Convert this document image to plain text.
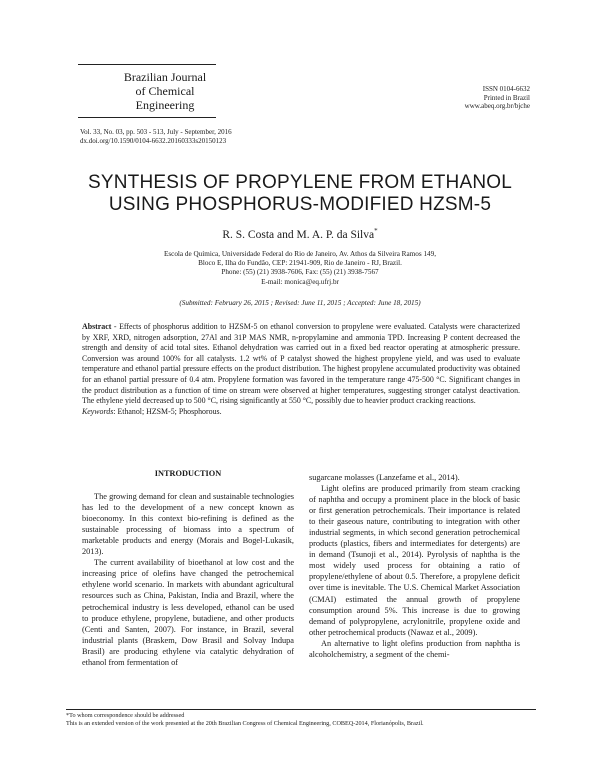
Brazilian Journal
of Chemical
Engineering
ISSN 0104-6632
Printed in Brazil
www.abeq.org.br/bjche
Vol. 33, No. 03, pp. 503 - 513, July - September, 2016
dx.doi.org/10.1590/0104-6632.20160333s20150123
SYNTHESIS OF PROPYLENE FROM ETHANOL
USING PHOSPHORUS-MODIFIED HZSM-5
R. S. Costa and M. A. P. da Silva*
Escola de Química, Universidade Federal do Rio de Janeiro, Av. Athos da Silveira Ramos 149,
Bloco E, Ilha do Fundão, CEP: 21941-909, Rio de Janeiro - RJ, Brazil.
Phone: (55) (21) 3938-7606, Fax: (55) (21) 3938-7567
E-mail: monica@eq.ufrj.br
(Submitted: February 26, 2015 ; Revised: June 11, 2015 ; Accepted: June 18, 2015)
Abstract - Effects of phosphorus addition to HZSM-5 on ethanol conversion to propylene were evaluated. Catalysts were characterized by XRF, XRD, nitrogen adsorption, 27Al and 31P MAS NMR, n-propylamine and ammonia TPD. Increasing P content decreased the strength and density of acid total sites. Ethanol dehydration was carried out in a fixed bed reactor operating at atmospheric pressure. Conversion was around 100% for all catalysts. 1.2 wt% of P catalyst showed the highest propylene yield, and was used to evaluate temperature and ethanol partial pressure effects on the product distribution. The highest propylene accumulated productivity was obtained for an ethanol partial pressure of 0.4 atm. Propylene formation was favored in the temperature range 475-500 °C. Significant changes in the product distribution as a function of time on stream were observed at higher temperatures, suggesting stronger catalyst deactivation. The ethylene yield decreased up to 500 °C, rising significantly at 550 °C, possibly due to heavier product cracking reactions.
Keywords: Ethanol; HZSM-5; Phosphorous.
INTRODUCTION

The growing demand for clean and sustainable technologies has led to the development of a new concept known as bioeconomy. In this context bio-refining is defined as the sustainable processing of biomass into a spectrum of marketable products and energy (Morais and Bogel-Lukasik, 2013).

The current availability of bioethanol at low cost and the increasing price of olefins have changed the petrochemical ethylene world scenario. In markets with abundant agricultural resources such as China, Pakistan, India and Brazil, where the petrochemical industry is less developed, ethanol can be used to produce ethylene, propylene, butadiene, and other products (Centi and Santen, 2007). For instance, in Brazil, several industrial plants (Braskem, Dow Brasil and Solvay Indupa Brasil) are producing ethylene via catalytic dehydration of ethanol from fermentation of

sugarcane molasses (Lanzefame et al., 2014).

Light olefins are produced primarily from steam cracking of naphtha and occupy a prominent place in the block of basic or first generation petrochemicals. Their importance is related to their gaseous nature, contributing to integration with other industrial segments, in which second generation petrochemical products (plastics, fibers and intermediates for detergents) are in demand (Tsunoji et al., 2014). Pyrolysis of naphtha is the most widely used process for obtaining a ratio of propylene/ethylene of about 0.5. Therefore, a propylene deficit over time is inevitable. The U.S. Chemical Market Association (CMAI) estimated the annual growth of propylene consumption around 5%. This increase is due to growing demand of polypropylene, acrylonitrile, propylene oxide and other petrochemical products (Nawaz et al., 2009).

An alternative to light olefins production from naphtha is alcoholchemistry, a segment of the chemi-

*To whom correspondence should be addressed
This is an extended version of the work presented at the 20th Brazilian Congress of Chemical Engineering, COBEQ-2014, Florianópolis, Brazil.
